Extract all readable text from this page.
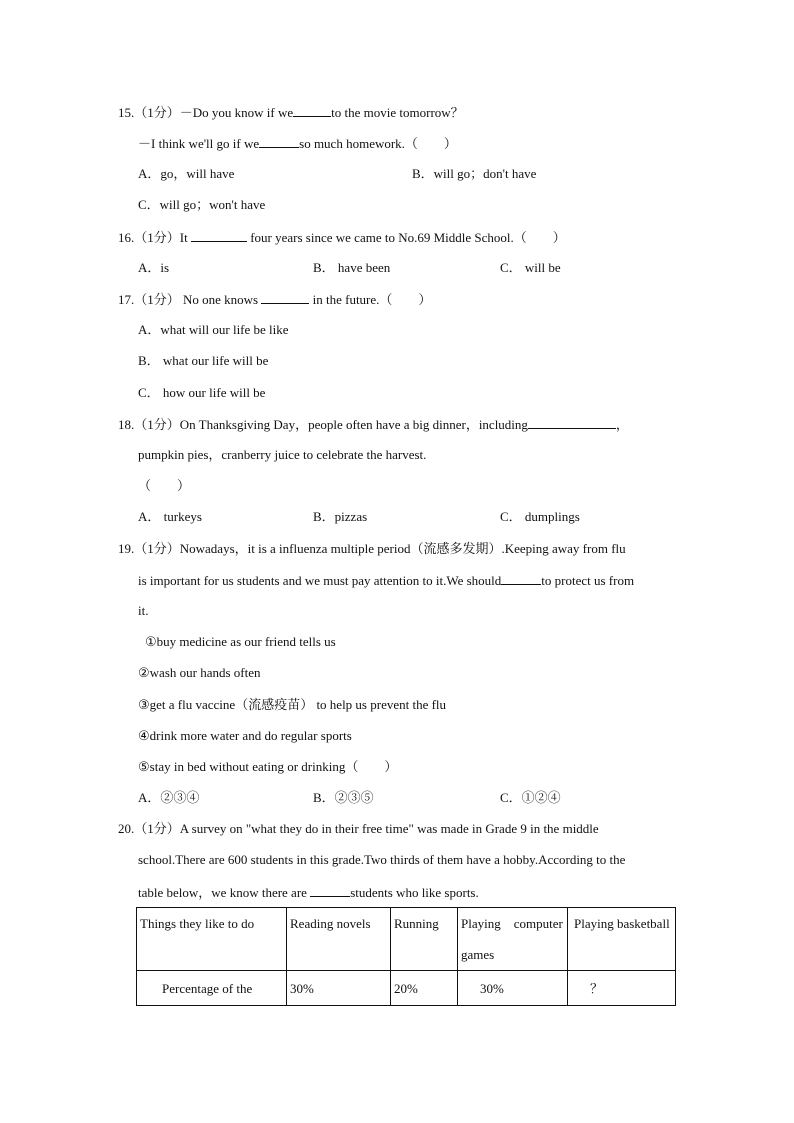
15.（1分）－Do you know if we	to the movie tomorrow？
－I think we'll go if we	so much homework.（　　）
A．go，will have	B．will go；don't have
C．will go；won't have
16.（1分）It	four years since we came to No.69 Middle School.（　　）
A．is	B． have been	C． will be
17.（1分） No one knows	in the future.（　　）
A．what will our life be like
B． what our life will be
C． how our life will be
18.（1分）On Thanksgiving Day，people often have a big dinner，including	，
pumpkin pies，cranberry juice to celebrate the harvest.
（　　）
A． turkeys	B．pizzas	C． dumplings
19.（1分）Nowadays，it is a influenza multiple period（流感多发期）.Keeping away from flu
is important for us students and we must pay attention to it.We should	to protect us from
it.
①buy medicine as our friend tells us
②wash our hands often
③get a flu vaccine（流感疫苗） to help us prevent the flu
④drink more water and do regular sports
⑤stay in bed without eating or drinking（　　）
A．②③④	B．②③⑤	C．①②④
20.（1分）A survey on "what they do in their free time" was made in Grade 9 in the middle
school.There are 600 students in this grade.Two thirds of them have a hobby.According to the
table below，we know there are	students who like sports.
Things they like to do	Reading novels	Running	Playing　computer games	Playing basketball
Percentage of the	30%	20%	30%	？
